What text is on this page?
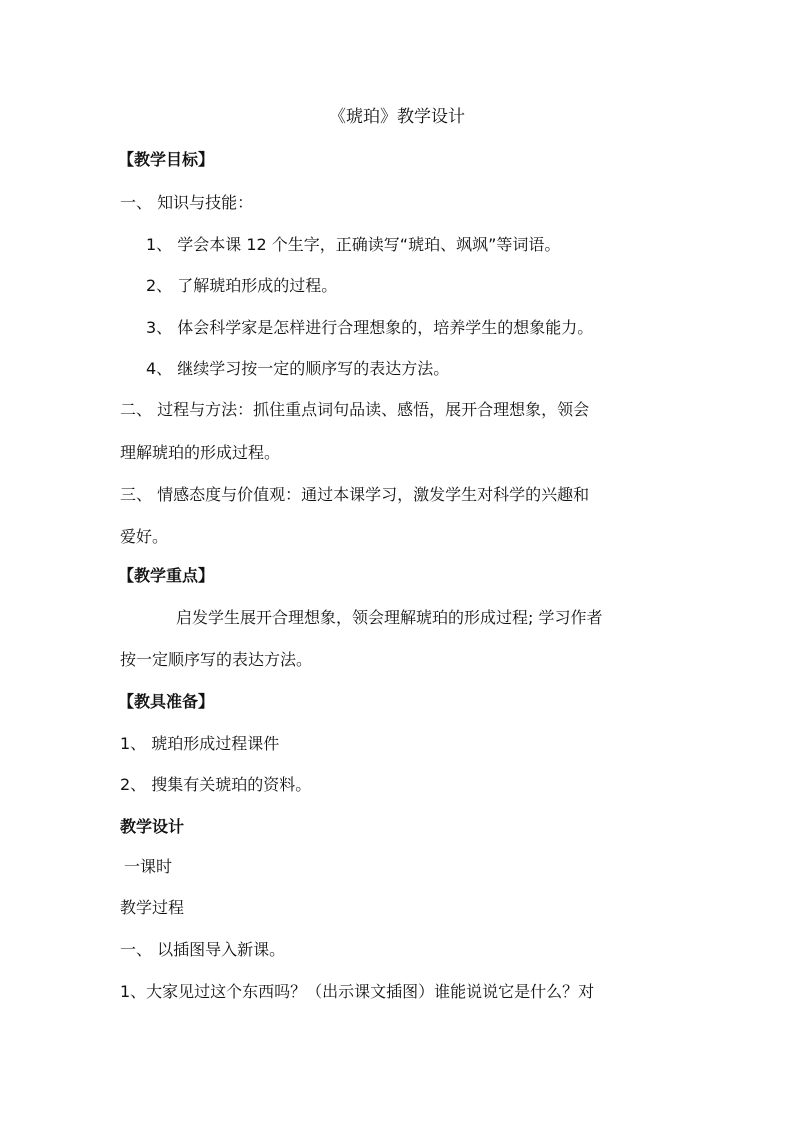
《琥珀》教学设计
【教学目标】
一、 知识与技能：
1、 学会本课 12 个生字，正确读写“琥珀、飒飒”等词语。
2、 了解琥珀形成的过程。
3、 体会科学家是怎样进行合理想象的，培养学生的想象能力。
4、 继续学习按一定的顺序写的表达方法。
二、 过程与方法：抓住重点词句品读、感悟，展开合理想象，领会
理解琥珀的形成过程。
三、 情感态度与价值观：通过本课学习，激发学生对科学的兴趣和
爱好。
【教学重点】
启发学生展开合理想象，领会理解琥珀的形成过程; 学习作者
按一定顺序写的表达方法。
【教具准备】
1、 琥珀形成过程课件
2、 搜集有关琥珀的资料。
教学设计
一课时
教学过程
一、 以插图导入新课。
1、大家见过这个东西吗？（出示课文插图）谁能说说它是什么？对
